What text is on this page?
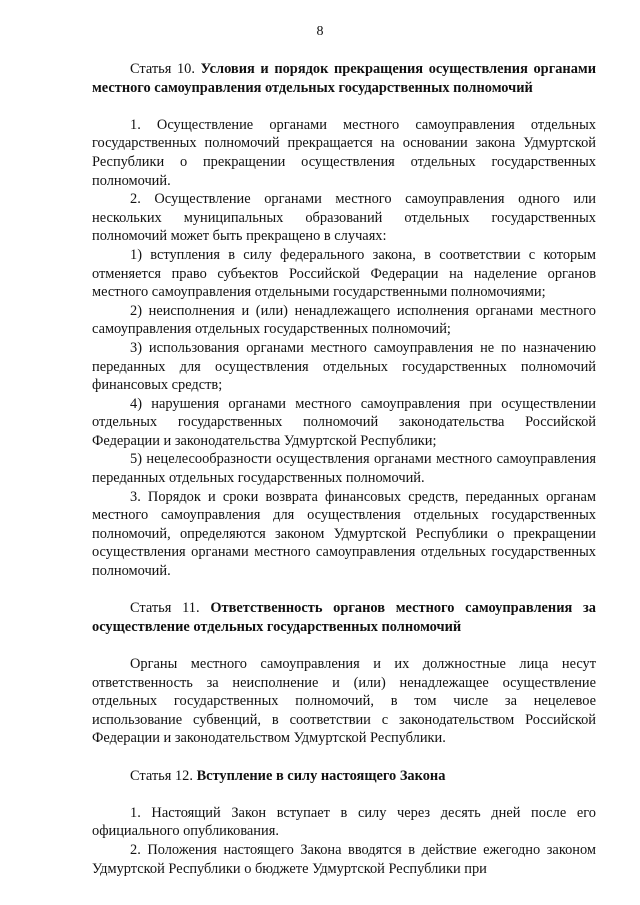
8

Статья 10. Условия и порядок прекращения осуществления органами местного самоуправления отдельных государственных полномочий

1. Осуществление органами местного самоуправления отдельных государственных полномочий прекращается на основании закона Удмуртской Республики о прекращении осуществления отдельных государственных полномочий.

2. Осуществление органами местного самоуправления одного или нескольких муниципальных образований отдельных государственных полномочий может быть прекращено в случаях:

1) вступления в силу федерального закона, в соответствии с которым отменяется право субъектов Российской Федерации на наделение органов местного самоуправления отдельными государственными полномочиями;

2) неисполнения и (или) ненадлежащего исполнения органами местного самоуправления отдельных государственных полномочий;

3) использования органами местного самоуправления не по назначению переданных для осуществления отдельных государственных полномочий финансовых средств;

4) нарушения органами местного самоуправления при осуществлении отдельных государственных полномочий законодательства Российской Федерации и законодательства Удмуртской Республики;

5) нецелесообразности осуществления органами местного самоуправления переданных отдельных государственных полномочий.

3. Порядок и сроки возврата финансовых средств, переданных органам местного самоуправления для осуществления отдельных государственных полномочий, определяются законом Удмуртской Республики о прекращении осуществления органами местного самоуправления отдельных государственных полномочий.

Статья 11. Ответственность органов местного самоуправления за осуществление отдельных государственных полномочий

Органы местного самоуправления и их должностные лица несут ответственность за неисполнение и (или) ненадлежащее осуществление отдельных государственных полномочий, в том числе за нецелевое использование субвенций, в соответствии с законодательством Российской Федерации и законодательством Удмуртской Республики.

Статья 12. Вступление в силу настоящего Закона

1. Настоящий Закон вступает в силу через десять дней после его официального опубликования.

2. Положения настоящего Закона вводятся в действие ежегодно законом Удмуртской Республики о бюджете Удмуртской Республики при
